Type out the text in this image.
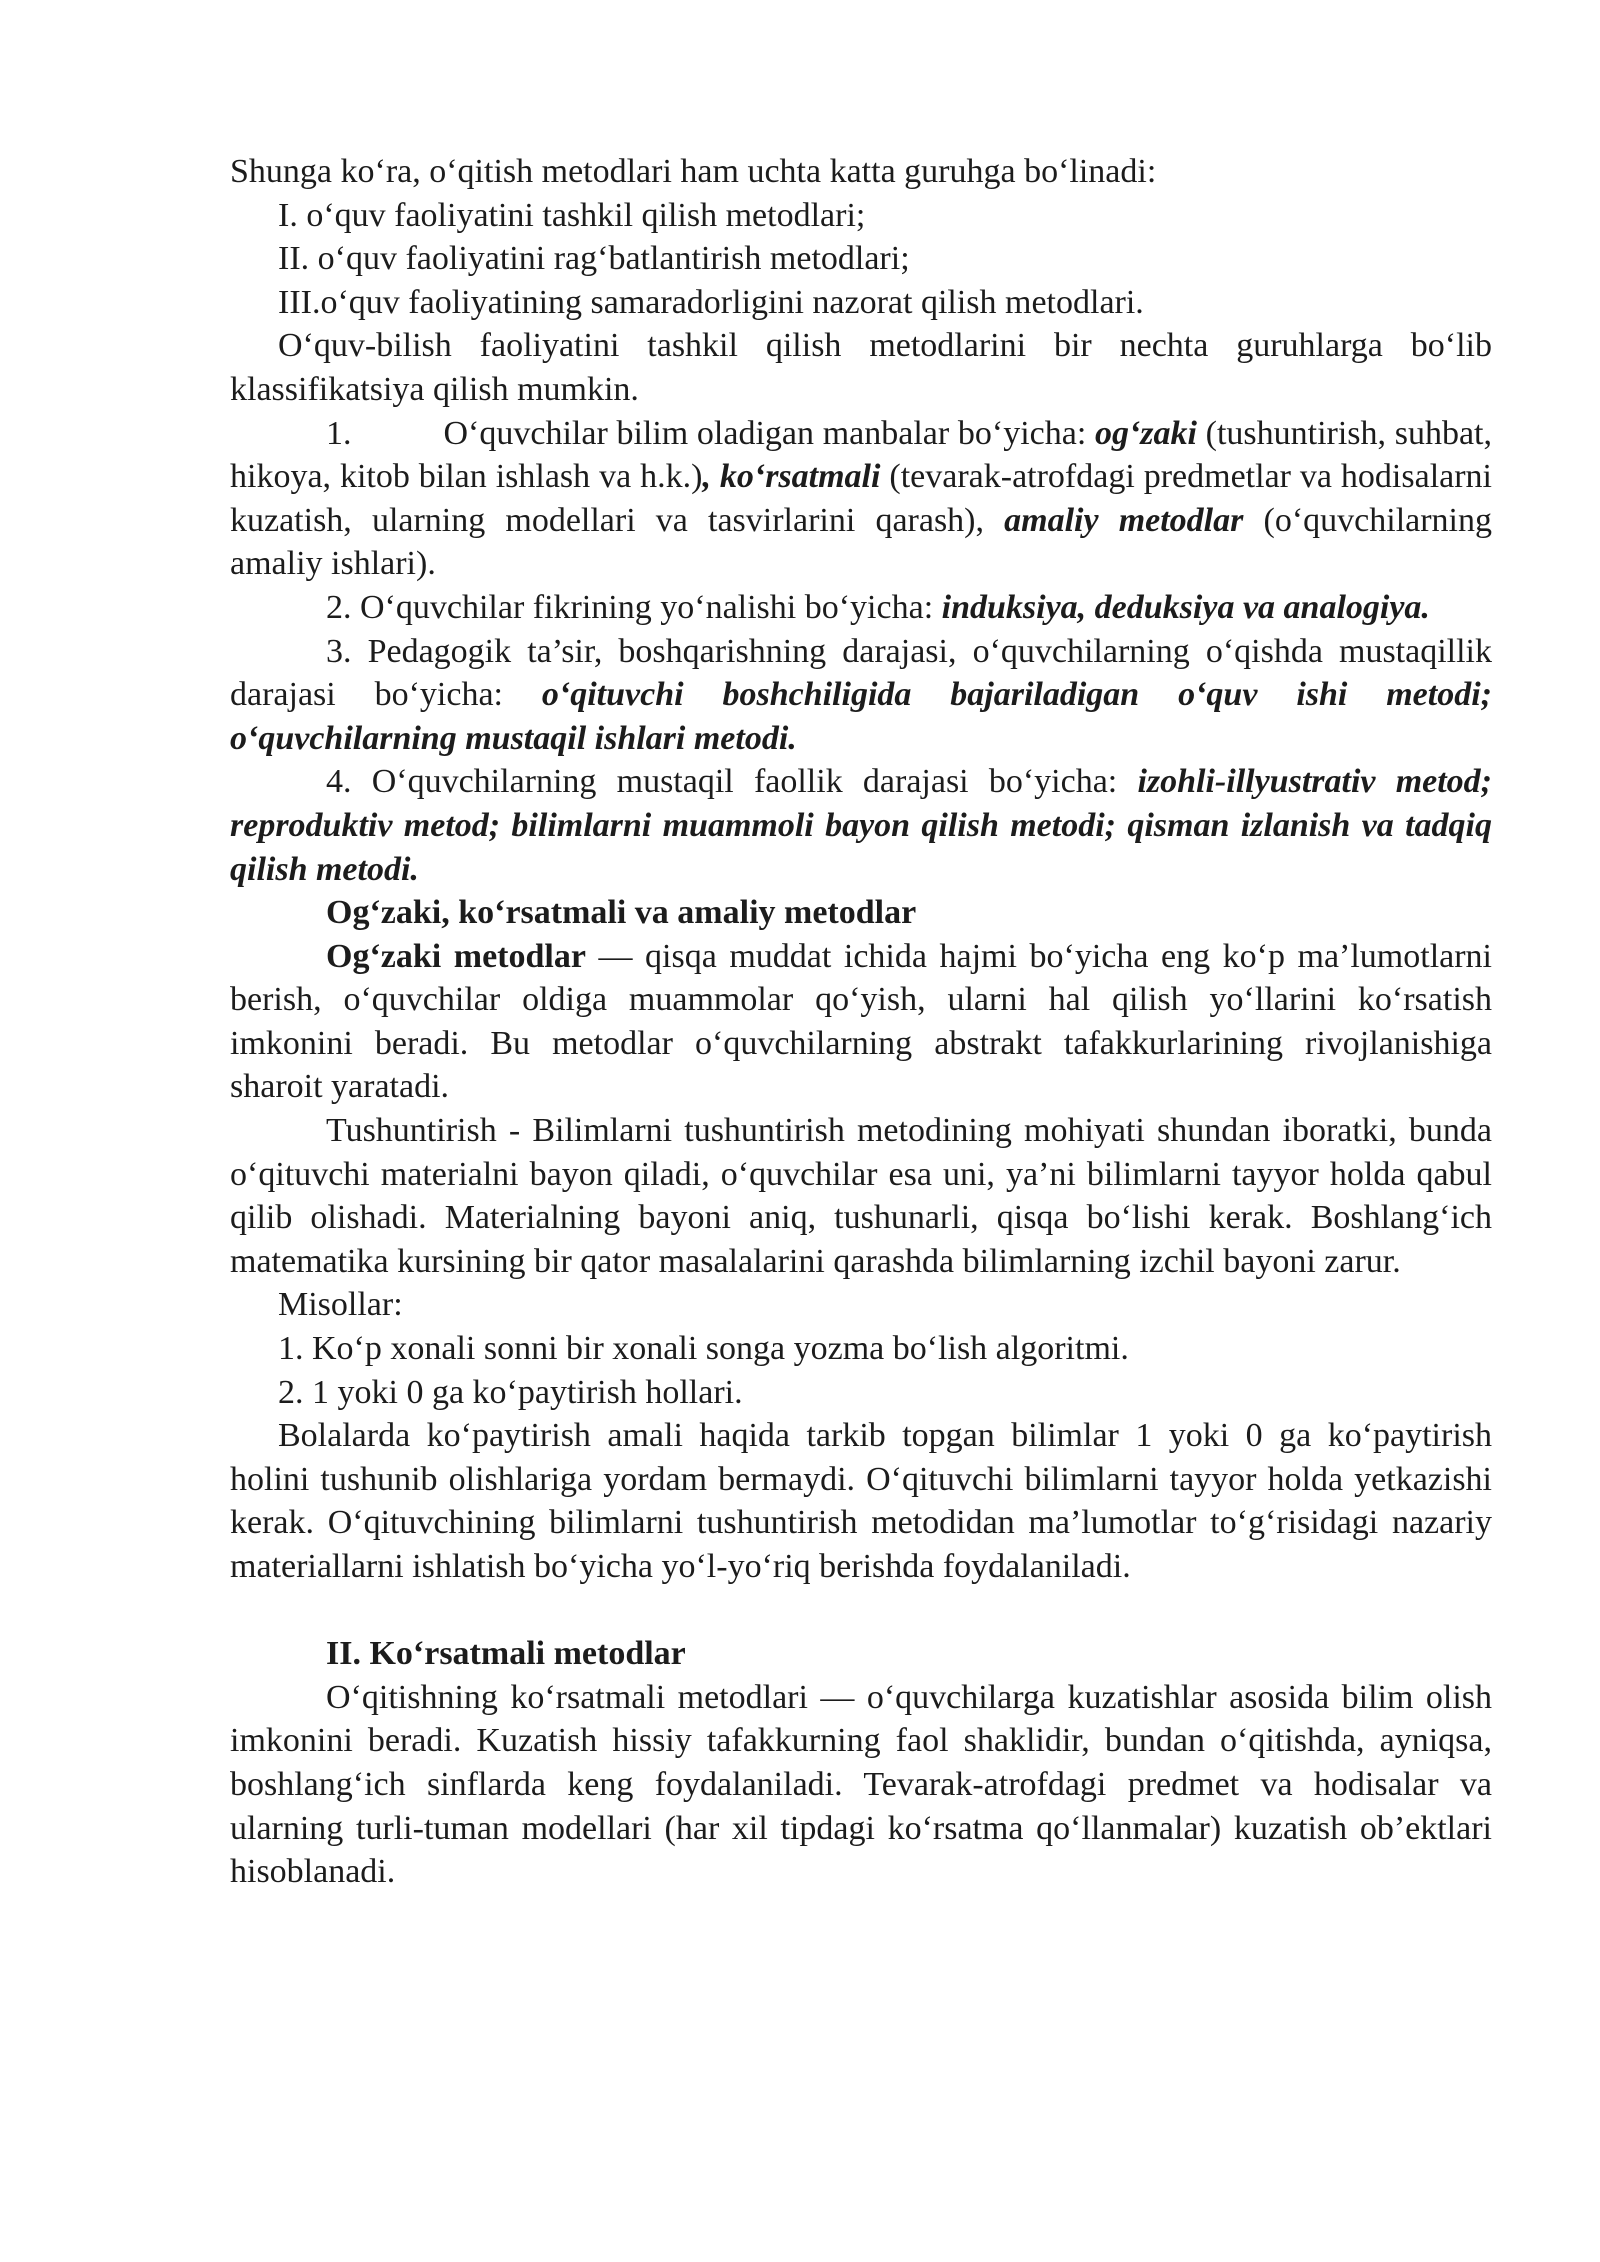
Shunga ko‘ra, o‘qitish metodlari ham uchta katta guruhga bo‘linadi:

I. o‘quv faoliyatini tashkil qilish metodlari;

II. o‘quv faoliyatini rag‘batlantirish metodlari;

III.o‘quv faoliyatining samaradorligini nazorat qilish metodlari.

O‘quv-bilish faoliyatini tashkil qilish metodlarini bir nechta guruhlarga bo‘lib klassifikatsiya qilish mumkin.

1.	O‘quvchilar bilim oladigan manbalar bo‘yicha: og‘zaki (tushuntirish, suhbat, hikoya, kitob bilan ishlash va h.k.), ko‘rsatmali (tevarak-atrofdagi predmetlar va hodisalarni kuzatish, ularning modellari va tasvirlarini qarash), amaliy metodlar (o‘quvchilarning amaliy ishlari).

2. O‘quvchilar fikrining yo‘nalishi bo‘yicha: induksiya, deduksiya va analogiya.

3. Pedagogik ta’sir, boshqarishning darajasi, o‘quvchilarning o‘qishda mustaqillik darajasi bo‘yicha: o‘qituvchi boshchiligida bajariladigan o‘quv ishi metodi; o‘quvchilarning mustaqil ishlari metodi.

4. O‘quvchilarning mustaqil faollik darajasi bo‘yicha: izohli-illyustrativ metod; reproduktiv metod; bilimlarni muammoli bayon qilish metodi; qisman izlanish va tadqiq qilish metodi.

Og‘zaki, ko‘rsatmali va amaliy metodlar

Og‘zaki metodlar — qisqa muddat ichida hajmi bo‘yicha eng ko‘p ma’lumotlarni berish, o‘quvchilar oldiga muammolar qo‘yish, ularni hal qilish yo‘llarini ko‘rsatish imkonini beradi. Bu metodlar o‘quvchilarning abstrakt tafakkurlarining rivojlanishiga sharoit yaratadi.

Tushuntirish - Bilimlarni tushuntirish metodining mohiyati shundan iboratki, bunda o‘qituvchi materialni bayon qiladi, o‘quvchilar esa uni, ya’ni bilimlarni tayyor holda qabul qilib olishadi. Materialning bayoni aniq, tushunarli, qisqa bo‘lishi kerak. Boshlang‘ich matematika kursining bir qator masalalarini qarashda bilimlarning izchil bayoni zarur.

Misollar:

1. Ko‘p xonali sonni bir xonali songa yozma bo‘lish algoritmi.

2. 1 yoki 0 ga ko‘paytirish hollari.

Bolalarda ko‘paytirish amali haqida tarkib topgan bilimlar 1 yoki 0 ga ko‘paytirish holini tushunib olishlariga yordam bermaydi. O‘qituvchi bilimlarni tayyor holda yetkazishi kerak. O‘qituvchining bilimlarni tushuntirish metodidan ma’lumotlar to‘g‘risidagi nazariy materiallarni ishlatish bo‘yicha yo‘l-yo‘riq berishda foydalaniladi.

II. Ko‘rsatmali metodlar

O‘qitishning ko‘rsatmali metodlari — o‘quvchilarga kuzatishlar asosida bilim olish imkonini beradi. Kuzatish hissiy tafakkurning faol shaklidir, bundan o‘qitishda, ayniqsa, boshlang‘ich sinflarda keng foydalaniladi. Tevarak-atrofdagi predmet va hodisalar va ularning turli-tuman modellari (har xil tipdagi ko‘rsatma qo‘llanmalar) kuzatish ob’ektlari hisoblanadi.
